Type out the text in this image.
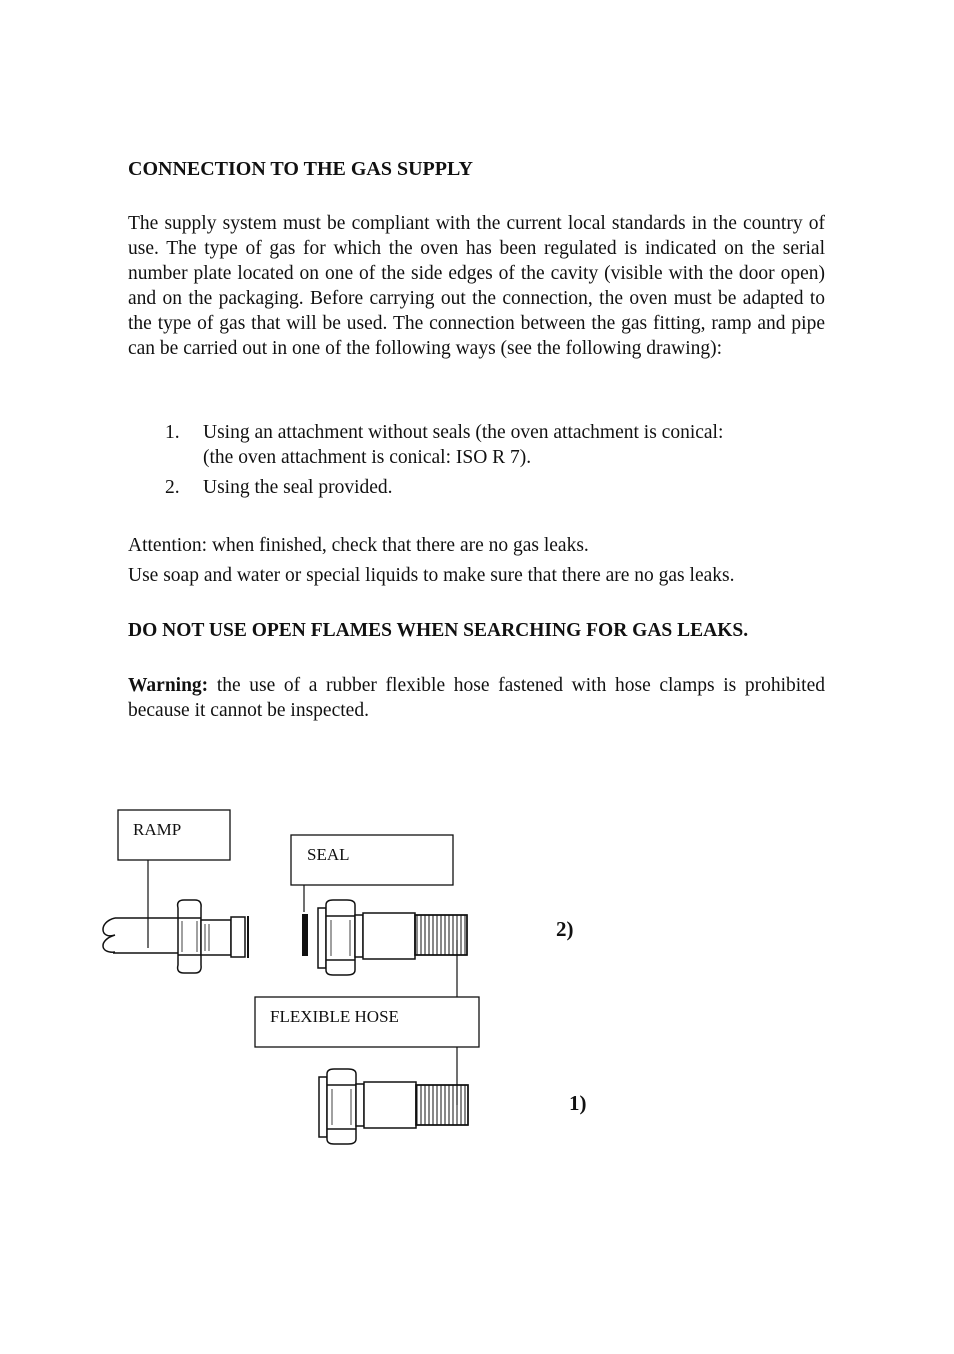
CONNECTION TO THE GAS SUPPLY

The supply system must be compliant with the current local standards in the country of use. The type of gas for which the oven has been regulated is indicated on the serial number plate located on one of the side edges of the cavity (visible with the door open) and on the packaging. Before carrying out the connection, the oven must be adapted to the type of gas that will be used. The connection between the gas fitting, ramp and pipe can be carried out in one of the following ways (see the following drawing):

1. Using an attachment without seals (the oven attachment is conical:
(the oven attachment is conical: ISO R 7).
2. Using the seal provided.

Attention: when finished, check that there are no gas leaks.

Use soap and water or special liquids to make sure that there are no gas leaks.

DO NOT USE OPEN FLAMES WHEN SEARCHING FOR GAS LEAKS.

Warning: the use of a rubber flexible hose fastened with hose clamps is prohibited because it cannot be inspected.

RAMP
SEAL
2)
FLEXIBLE HOSE
1)
